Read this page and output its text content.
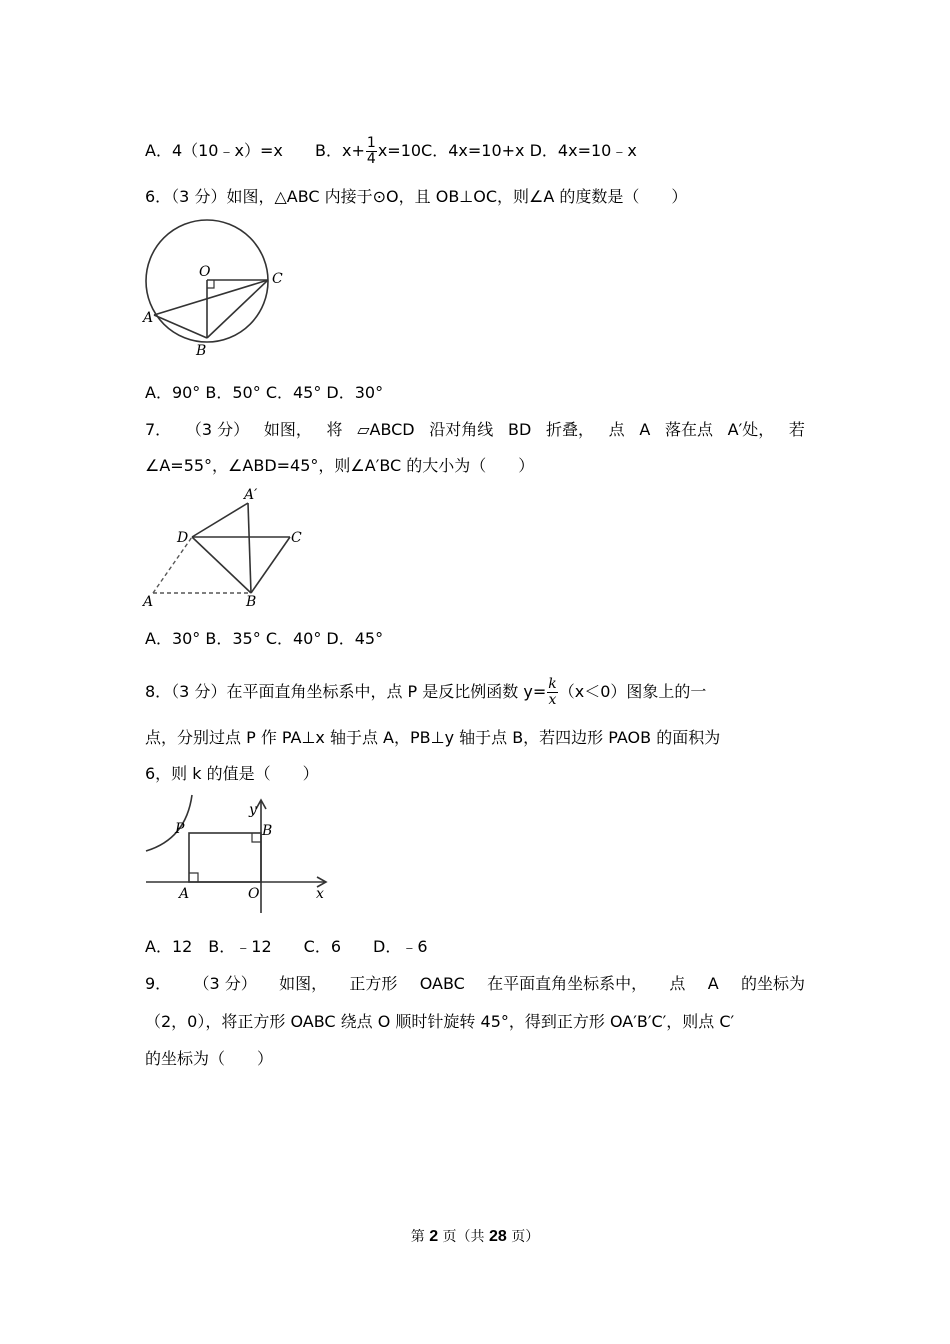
A．4（10﹣x）=x B．$x+ \frac{1}{4} x=10C$．4x=10+x D．4x=10﹣x
6．（3 分）如图，△ABC 内接于⊙O，且 OB⊥OC，则∠A 的度数是（　　）
O	C
A
B
A．90° B．50° C．45° D．30°
7． （3 分） 如图， 将 ▱ABCD 沿对角线 BD 折叠， 点 A 落在点 A′处， 若
∠A=55°，∠ABD=45°，则∠A′BC 的大小为（　　）
A′
D	C
A	B
A．30° B．35° C．40° D．45°
8．（3 分）在平面直角坐标系中，点 P 是反比例函数 $y= \frac{k}{x} (x<0)$图象上的一
点，分别过点 P 作 PA⊥x 轴于点 A，PB⊥y 轴于点 B，若四边形 PAOB 的面积为
6，则 k 的值是（　　）
P
y
B
A	O	x
A．12　B．﹣12　　C．6　　D．﹣6
9． （3 分） 如图， 正方形 OABC 在平面直角坐标系中， 点 A 的坐标为
（2，0），将正方形 OABC 绕点 O 顺时针旋转 45°，得到正方形 OA′B′C′，则点 C′
的坐标为（　　）
第 2 页（共 28 页）
